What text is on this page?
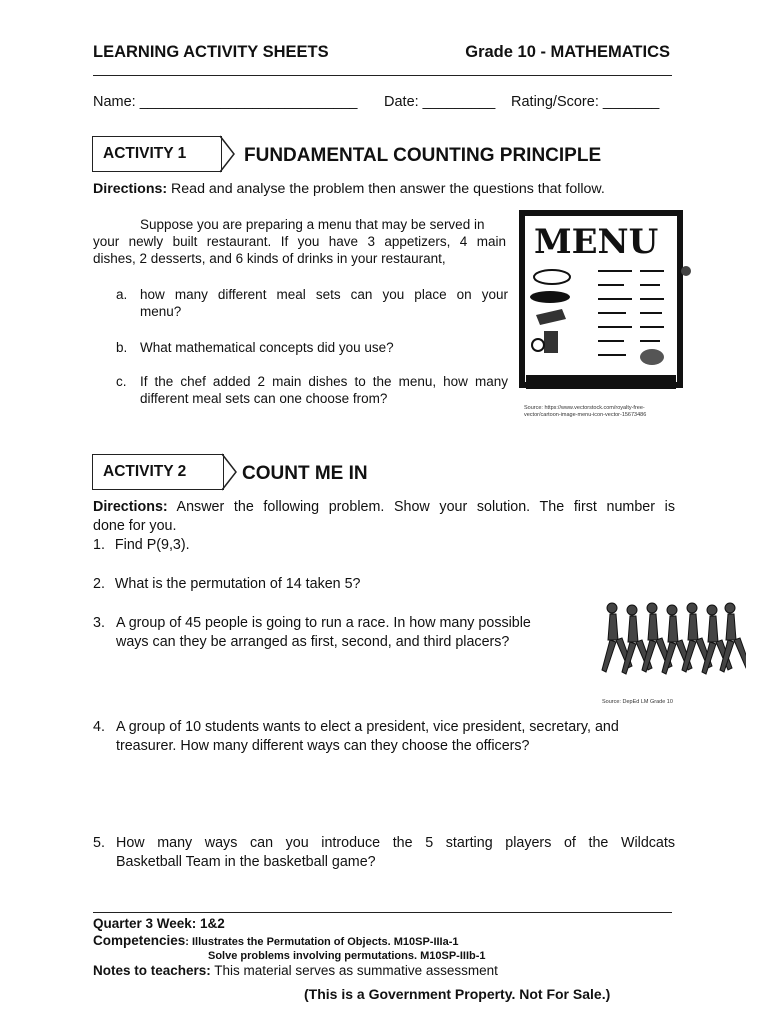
LEARNING ACTIVITY SHEETS	Grade 10 - MATHEMATICS
Name: ___________________________ Date: _________ Rating/Score: _______
ACTIVITY 1	FUNDAMENTAL COUNTING PRINCIPLE
Directions: Read and analyse the problem then answer the questions that follow.
Suppose you are preparing a menu that may be served in
your newly built restaurant. If you have 3 appetizers, 4 main
dishes, 2 desserts, and 6 kinds of drinks in your restaurant,
a. how many different meal sets can you place on your
menu?
b. What mathematical concepts did you use?
c. If the chef added 2 main dishes to the menu, how many
different meal sets can one choose from?
MENU
Source: https://www.vectorstock.com/royalty-free-
vector/cartoon-image-menu-icon-vector-15673486
ACTIVITY 2	COUNT ME IN
Directions: Answer the following problem. Show your solution. The first number is
done for you.
1. Find P(9,3).
2. What is the permutation of 14 taken 5?
3. A group of 45 people is going to run a race. In how many possible
ways can they be arranged as first, second, and third placers?
Source: DepEd LM Grade 10
4. A group of 10 students wants to elect a president, vice president, secretary, and
treasurer. How many different ways can they choose the officers?
5. How many ways can you introduce the 5 starting players of the Wildcats
Basketball Team in the basketball game?
Quarter 3 Week: 1&2
Competencies: Illustrates the Permutation of Objects. M10SP-IIIa-1
Solve problems involving permutations. M10SP-IIIb-1
Notes to teachers: This material serves as summative assessment
(This is a Government Property. Not For Sale.)
